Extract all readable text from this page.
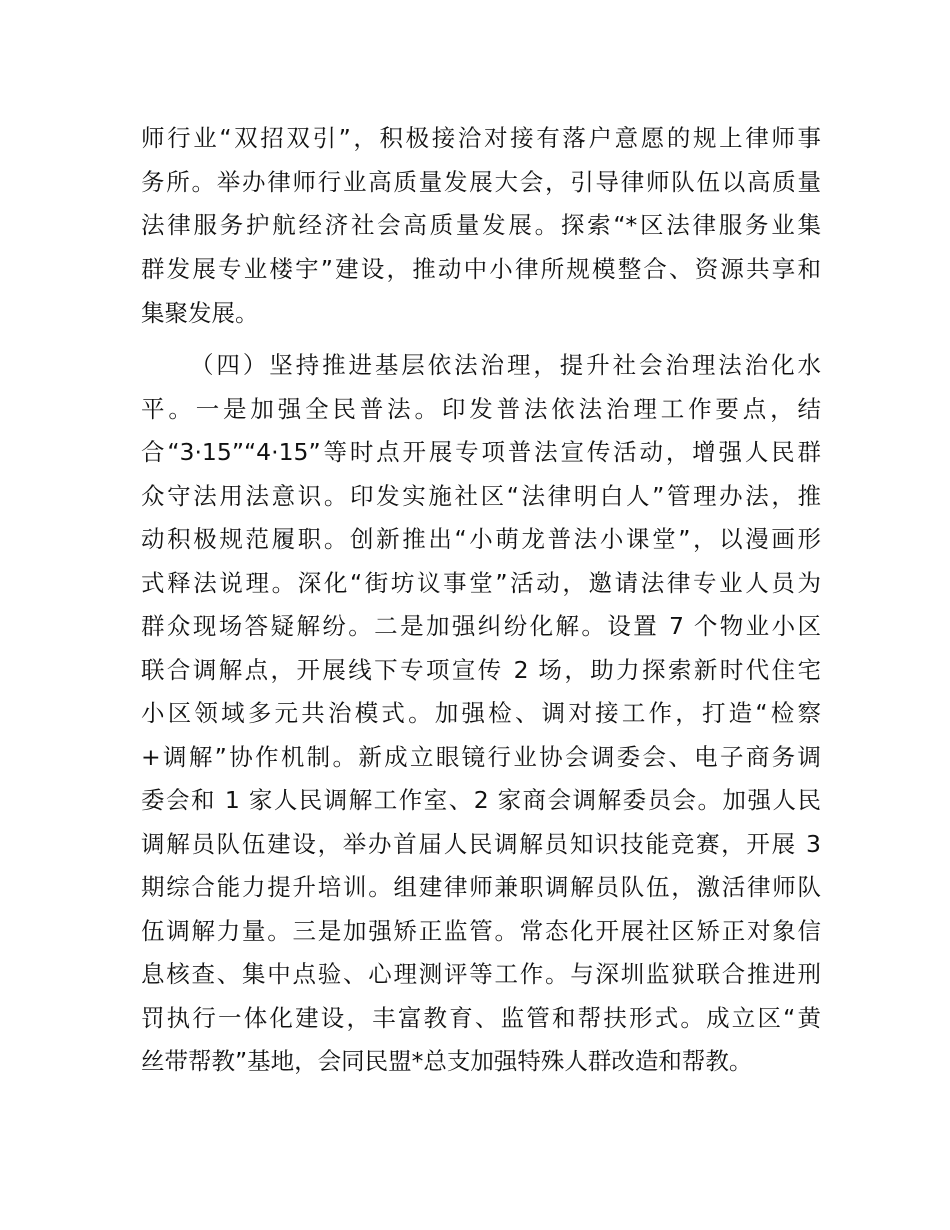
师行业“双招双引”，积极接洽对接有落户意愿的规上律师事
务所。举办律师行业高质量发展大会，引导律师队伍以高质量
法律服务护航经济社会高质量发展。探索“*区法律服务业集
群发展专业楼宇”建设，推动中小律所规模整合、资源共享和
集聚发展。
（四）坚持推进基层依法治理，提升社会治理法治化水
平。一是加强全民普法。印发普法依法治理工作要点，结
合“3·15”“4·15”等时点开展专项普法宣传活动，增强人民群
众守法用法意识。印发实施社区“法律明白人”管理办法，推
动积极规范履职。创新推出“小萌龙普法小课堂”，以漫画形
式释法说理。深化“街坊议事堂”活动，邀请法律专业人员为
群众现场答疑解纷。二是加强纠纷化解。设置 7 个物业小区
联合调解点，开展线下专项宣传 2 场，助力探索新时代住宅
小区领域多元共治模式。加强检、调对接工作，打造“检察
+调解”协作机制。新成立眼镜行业协会调委会、电子商务调
委会和 1 家人民调解工作室、2 家商会调解委员会。加强人民
调解员队伍建设，举办首届人民调解员知识技能竞赛，开展 3
期综合能力提升培训。组建律师兼职调解员队伍，激活律师队
伍调解力量。三是加强矫正监管。常态化开展社区矫正对象信
息核查、集中点验、心理测评等工作。与深圳监狱联合推进刑
罚执行一体化建设，丰富教育、监管和帮扶形式。成立区“黄
丝带帮教”基地，会同民盟*总支加强特殊人群改造和帮教。
